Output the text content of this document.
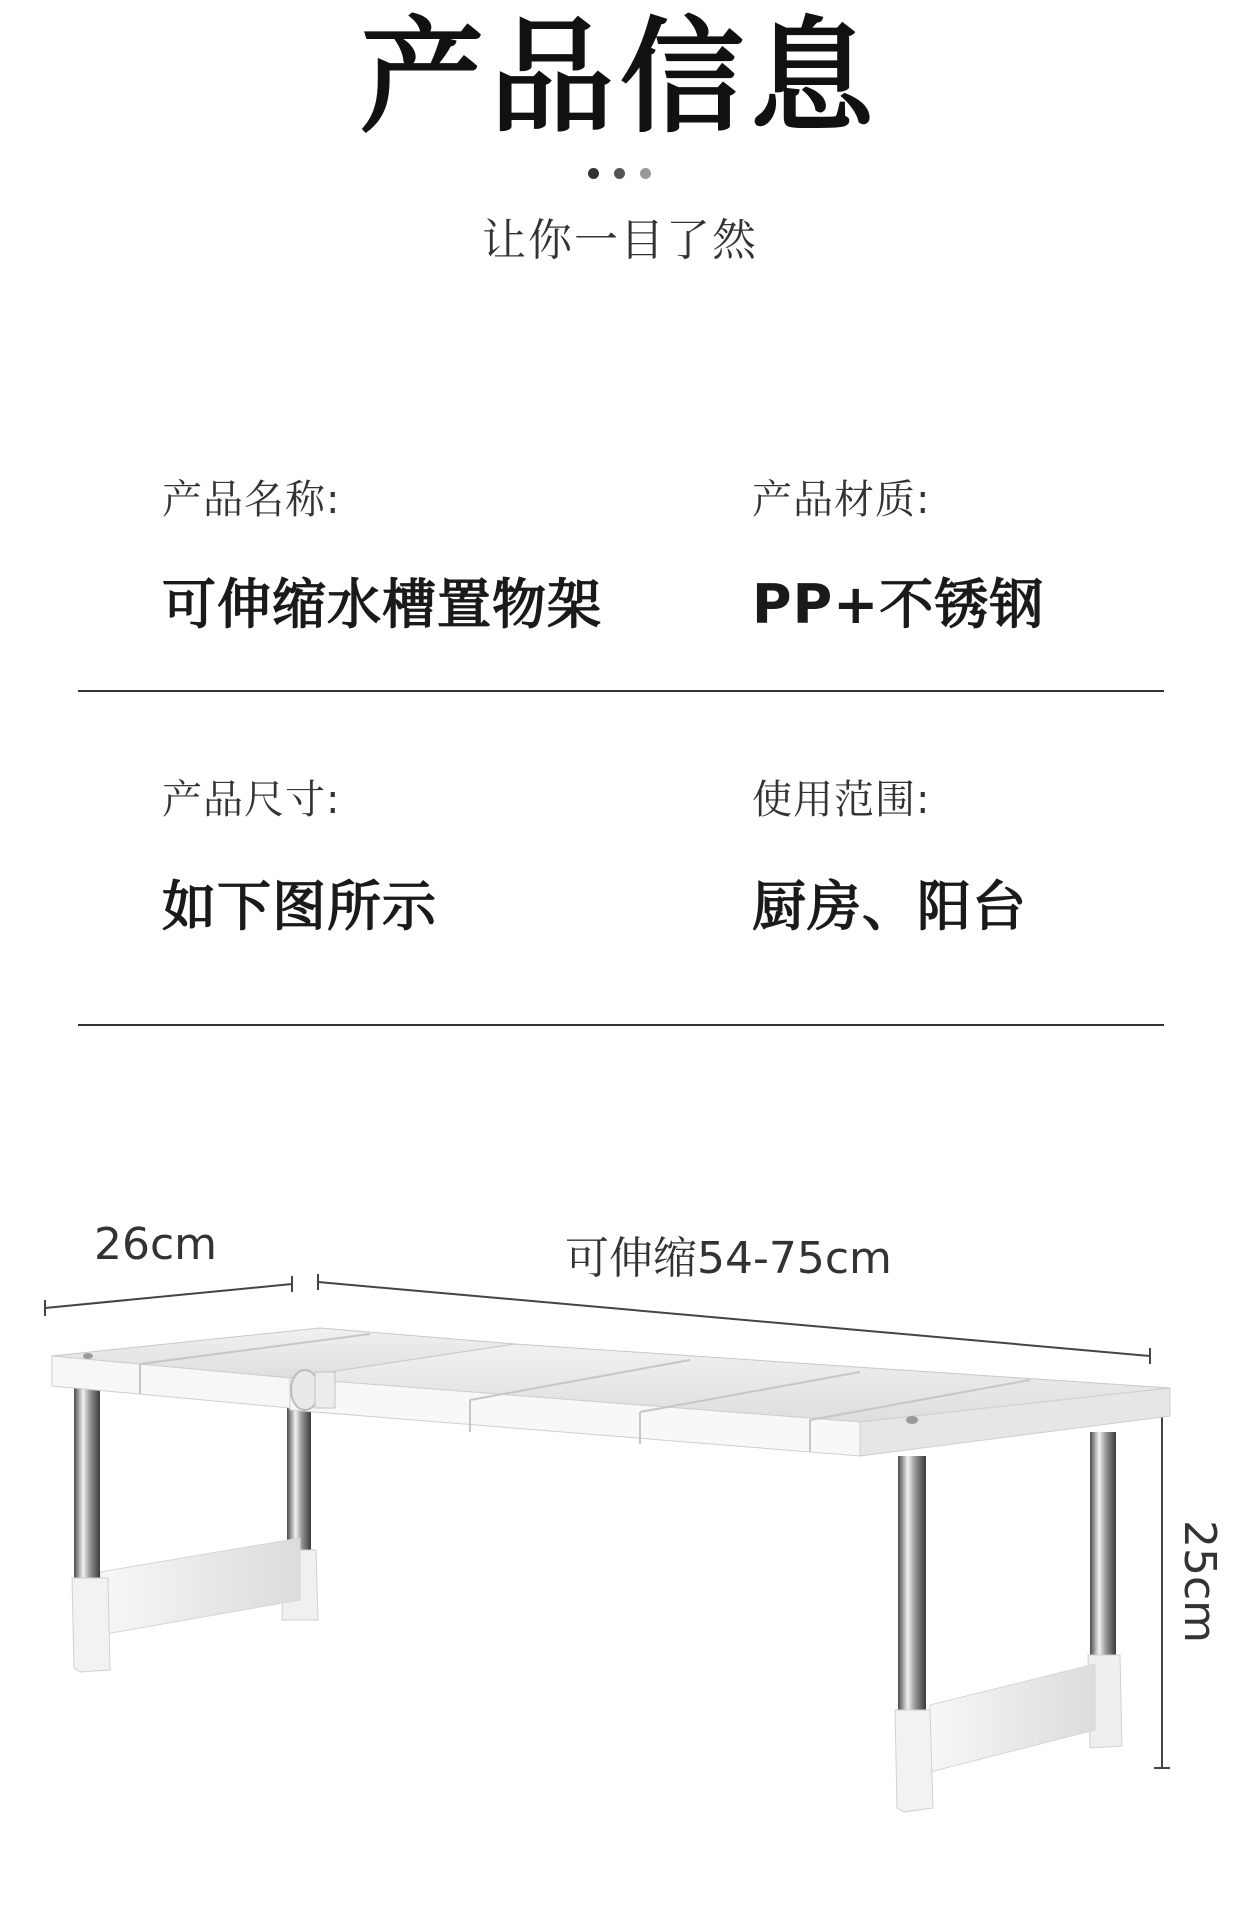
产品信息
让你一目了然
产品名称:
可伸缩水槽置物架
产品材质:
PP+不锈钢
产品尺寸:
如下图所示
使用范围:
厨房、阳台
26cm	可伸缩54-75cm
25cm
